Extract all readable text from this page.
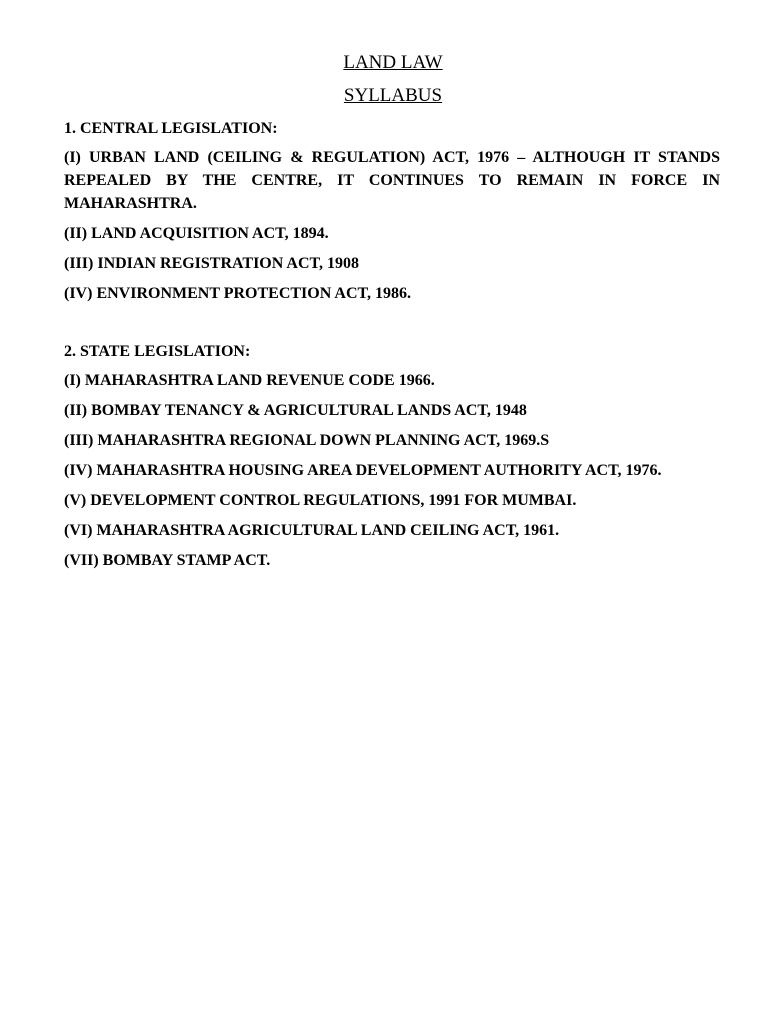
LAND LAW
SYLLABUS

1. CENTRAL LEGISLATION:

(I) URBAN LAND (CEILING & REGULATION) ACT, 1976 – ALTHOUGH IT STANDS REPEALED BY THE CENTRE, IT CONTINUES TO REMAIN IN FORCE IN MAHARASHTRA.

(II) LAND ACQUISITION ACT, 1894.

(III) INDIAN REGISTRATION ACT, 1908

(IV) ENVIRONMENT PROTECTION ACT, 1986.

2. STATE LEGISLATION:

(I) MAHARASHTRA LAND REVENUE CODE 1966.

(II) BOMBAY TENANCY & AGRICULTURAL LANDS ACT, 1948

(III) MAHARASHTRA REGIONAL DOWN PLANNING ACT, 1969.S

(IV) MAHARASHTRA HOUSING AREA DEVELOPMENT AUTHORITY ACT, 1976.

(V) DEVELOPMENT CONTROL REGULATIONS, 1991 FOR MUMBAI.

(VI) MAHARASHTRA AGRICULTURAL LAND CEILING ACT, 1961.

(VII) BOMBAY STAMP ACT.
